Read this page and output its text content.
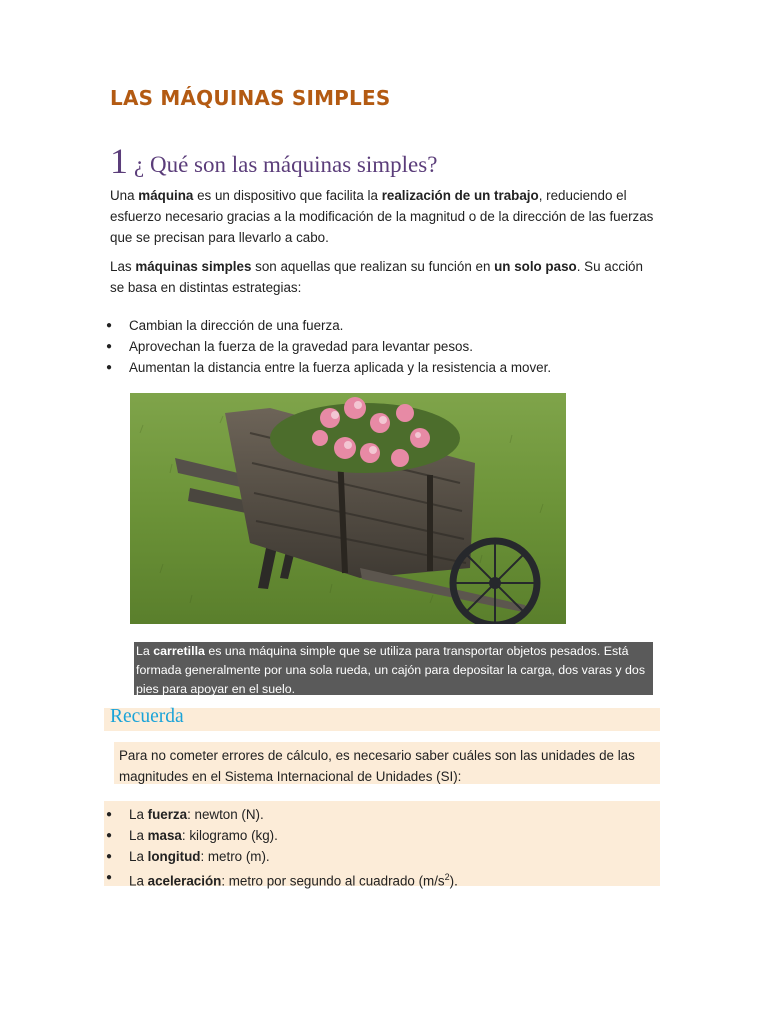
LAS MÁQUINAS SIMPLES
1 ¿ Qué son las máquinas simples?

Una máquina es un dispositivo que facilita la realización de un trabajo, reduciendo el esfuerzo necesario gracias a la modificación de la magnitud o de la dirección de las fuerzas que se precisan para llevarlo a cabo.

Las máquinas simples son aquellas que realizan su función en un solo paso. Su acción se basa en distintas estrategias:

● Cambian la dirección de una fuerza.
● Aprovechan la fuerza de la gravedad para levantar pesos.
● Aumentan la distancia entre la fuerza aplicada y la resistencia a mover.
La carretilla es una máquina simple que se utiliza para transportar objetos pesados. Está formada generalmente por una sola rueda, un cajón para depositar la carga, dos varas y dos pies para apoyar en el suelo.
Recuerda

Para no cometer errores de cálculo, es necesario saber cuáles son las unidades de las magnitudes en el Sistema Internacional de Unidades (SI):

● La fuerza: newton (N).
● La masa: kilogramo (kg).
● La longitud: metro (m).
● La aceleración: metro por segundo al cuadrado $(m/s^2)$.
